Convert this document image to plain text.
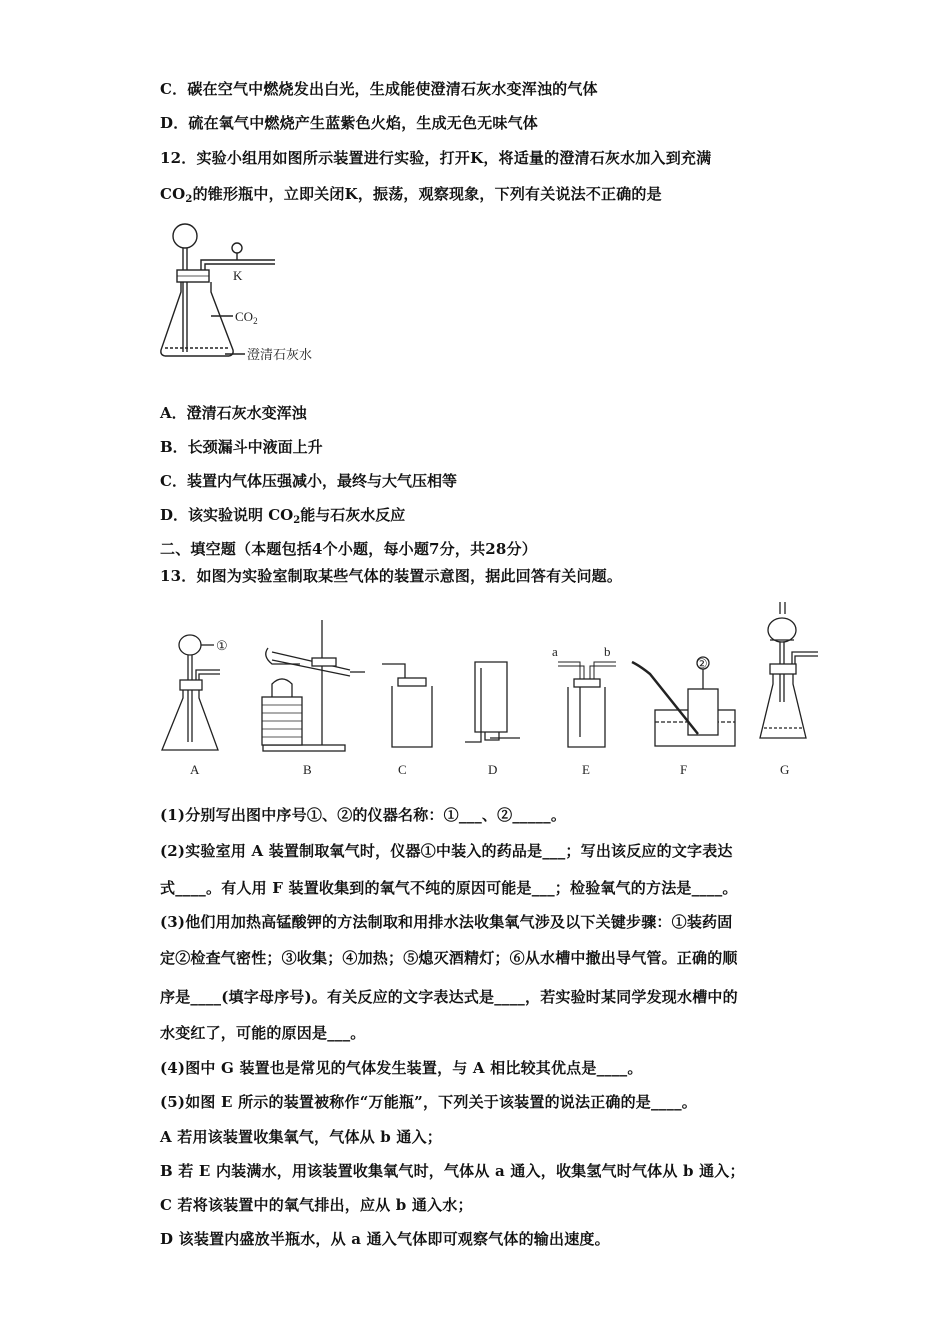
C．碳在空气中燃烧发出白光，生成能使澄清石灰水变浑浊的气体
D．硫在氧气中燃烧产生蓝紫色火焰，生成无色无味气体
12．实验小组用如图所示装置进行实验，打开K，将适量的澄清石灰水加入到充满
$CO_2$的锥形瓶中，立即关闭K，振荡，观察现象，下列有关说法不正确的是
K
$CO_2$
澄清石灰水
A．澄清石灰水变浑浊
B．长颈漏斗中液面上升
C．装置内气体压强减小，最终与大气压相等
D．该实验说明 $CO_2$能与石灰水反应
二、填空题（本题包括4个小题，每小题7分，共28分）
13．如图为实验室制取某些气体的装置示意图，据此回答有关问题。
①
②
a	b
A	B	C	D	E	F	G
(1)分别写出图中序号①、②的仪器名称：①___、②_____。
(2)实验室用 A 装置制取氧气时，仪器①中装入的药品是___；写出该反应的文字表达
式____。有人用 F 装置收集到的氧气不纯的原因可能是___；检验氧气的方法是____。
(3)他们用加热高锰酸钾的方法制取和用排水法收集氧气涉及以下关键步骤：①装药固
定②检查气密性；③收集；④加热；⑤熄灭酒精灯；⑥从水槽中撤出导气管。正确的顺
序是____(填字母序号)。有关反应的文字表达式是____，若实验时某同学发现水槽中的
水变红了，可能的原因是___。
(4)图中 G 装置也是常见的气体发生装置，与 A 相比较其优点是____。
(5)如图 E 所示的装置被称作“万能瓶”，下列关于该装置的说法正确的是____。
A 若用该装置收集氧气，气体从 b 通入；
B 若 E 内装满水，用该装置收集氧气时，气体从 a 通入，收集氢气时气体从 b 通入；
C 若将该装置中的氧气排出，应从 b 通入水；
D 该装置内盛放半瓶水，从 a 通入气体即可观察气体的输出速度。
